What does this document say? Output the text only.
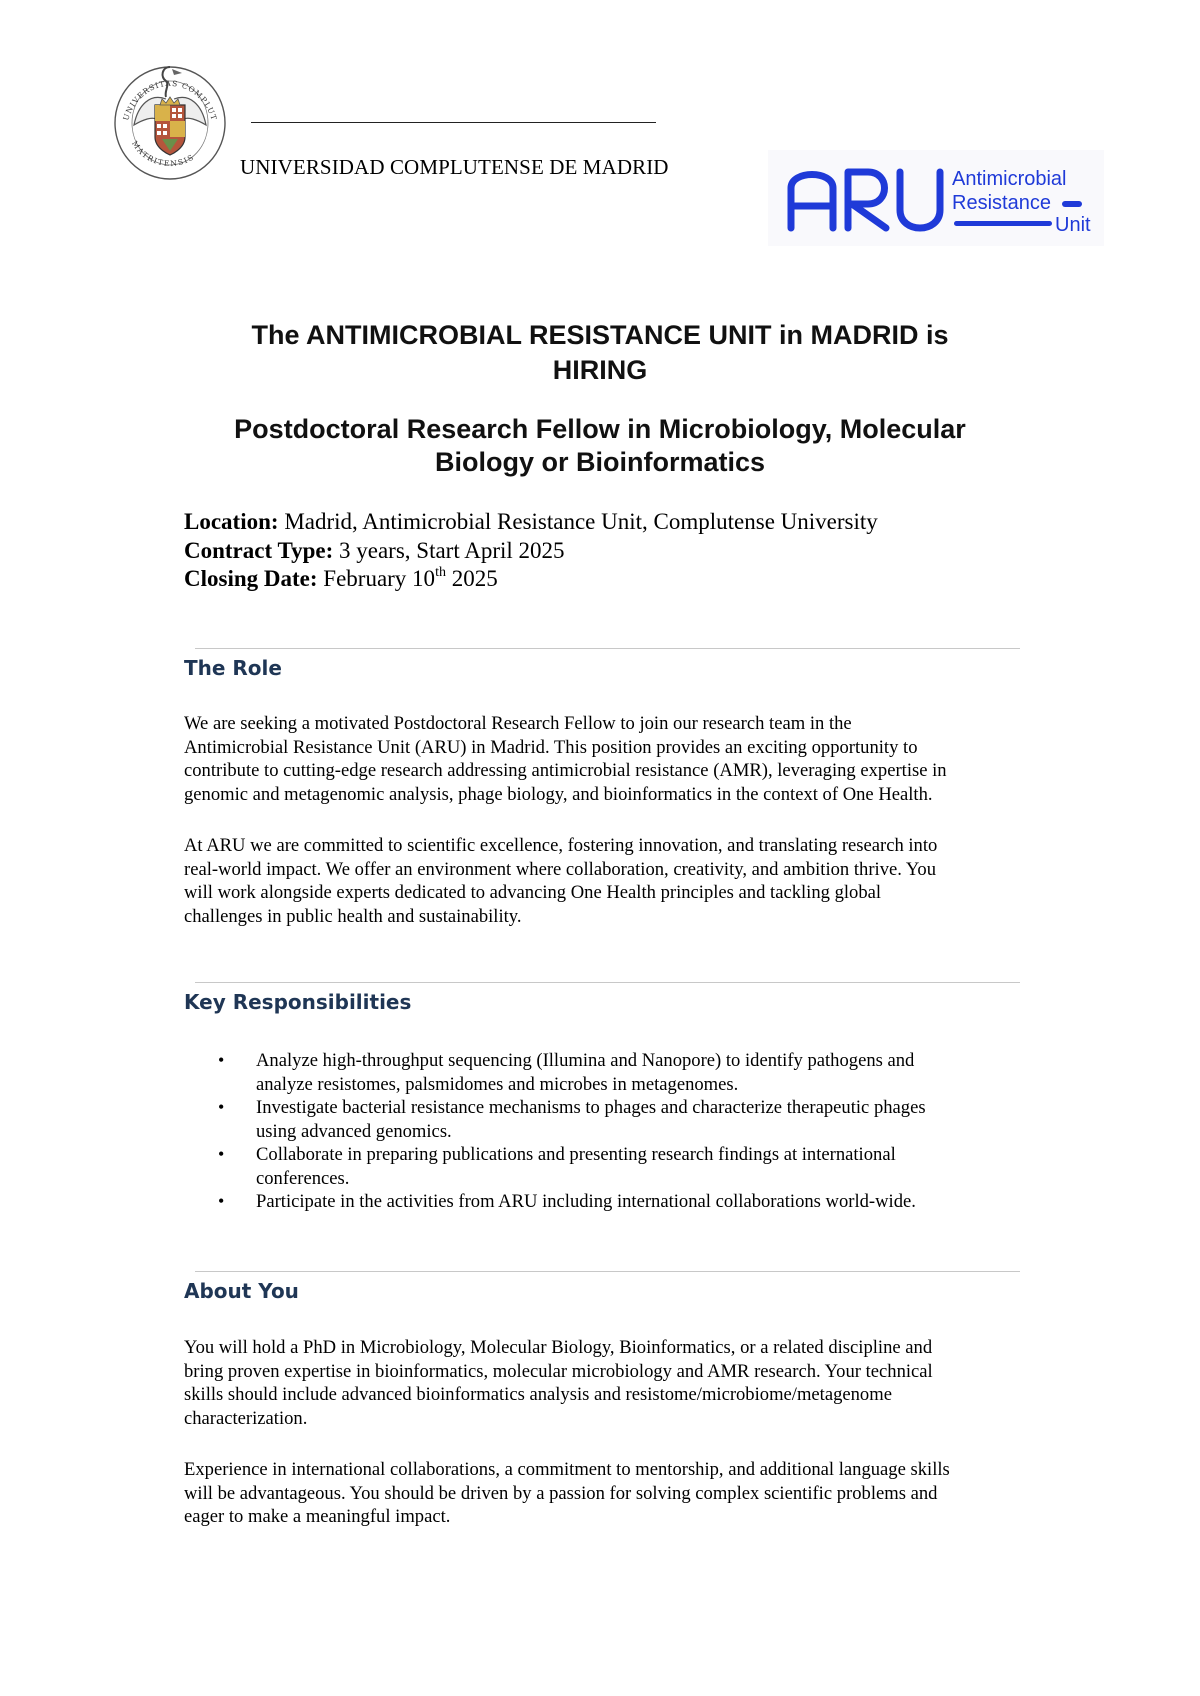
UNIVERSITAS COMPLUT
MATRITENSIS UNIVERSIDAD COMPLUTENSE DE MADRID	Antimicrobial
Resistance
Unit
The ANTIMICROBIAL RESISTANCE UNIT in MADRID is
HIRING
Postdoctoral Research Fellow in Microbiology, Molecular
Biology or Bioinformatics
Location: Madrid, Antimicrobial Resistance Unit, Complutense University
Contract Type: 3 years, Start April 2025
Closing Date: February 10th 2025
The Role

We are seeking a motivated Postdoctoral Research Fellow to join our research team in the

Antimicrobial Resistance Unit (ARU) in Madrid. This position provides an exciting opportunity to

contribute to cutting-edge research addressing antimicrobial resistance (AMR), leveraging expertise in

genomic and metagenomic analysis, phage biology, and bioinformatics in the context of One Health.

At ARU we are committed to scientific excellence, fostering innovation, and translating research into

real-world impact. We offer an environment where collaboration, creativity, and ambition thrive. You

will work alongside experts dedicated to advancing One Health principles and tackling global

challenges in public health and sustainability.

Key Responsibilities
• Analyze high-throughput sequencing (Illumina and Nanopore) to identify pathogens and
analyze resistomes, palsmidomes and microbes in metagenomes.
• Investigate bacterial resistance mechanisms to phages and characterize therapeutic phages
using advanced genomics.
• Collaborate in preparing publications and presenting research findings at international
conferences.
• Participate in the activities from ARU including international collaborations world-wide.
About You

You will hold a PhD in Microbiology, Molecular Biology, Bioinformatics, or a related discipline and

bring proven expertise in bioinformatics, molecular microbiology and AMR research. Your technical

skills should include advanced bioinformatics analysis and resistome/microbiome/metagenome

characterization.

Experience in international collaborations, a commitment to mentorship, and additional language skills

will be advantageous. You should be driven by a passion for solving complex scientific problems and

eager to make a meaningful impact.
